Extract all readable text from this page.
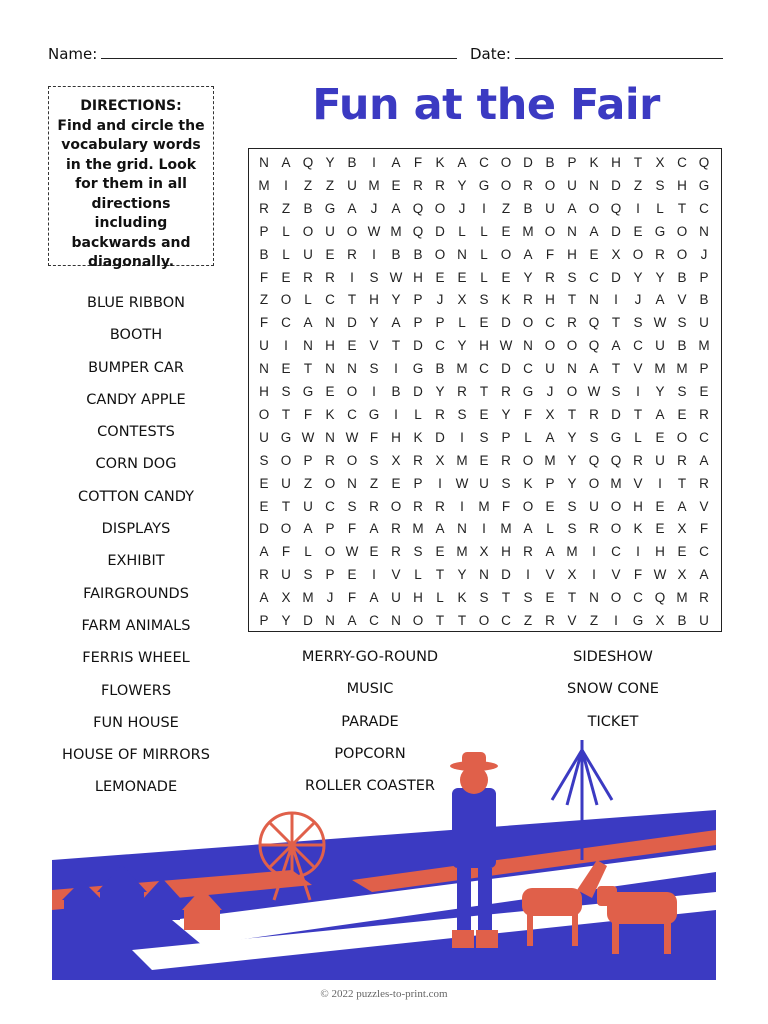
Name:	Date:
DIRECTIONS:
Find and circle the vocabulary words in the grid. Look for them in all directions including backwards and diagonally.
Fun at the Fair
N A Q Y B	I	A F K A C O D B P K H T X C Q
M	I	Z	Z U M E R R Y G O R O U N D Z S H G
R Z B G A	J	A Q O J	I	Z B U A O Q	I	L	T C
P	L O U O W M Q D L	L	E M O N A D E G O N
B	L U E R	I	B B O N L O A F H E X O R O J
F E R R	I	S W H E E	L	E Y R S C D Y Y B P
Z O L C T H Y P	J	X S K R H T N	I	J	A V B
F C A N D Y A P P	L	E D O C R Q T S W S U
U	I	N H E V T D C Y H W N O O Q A C U B M
N E T N N S	I	G B M C D C U N A T V M M P
H S G E O	I	B D Y R T R G J O W S	I	Y S E
O T	F K C G	I	L R S E Y F X T R D T A E R
U G W N W F H K D	I	S P	L	A Y S G L	E O C
S O P R O S X R X M E R O M Y Q Q R U R A
E U Z O N Z E P	I	W U S K P Y O M V	I	T R
E T U C S R O R R	I	M F O E S U O H E A V
D O A P F A R M A N	I	M A	L	S R O K E X F
A F	L O W E R S E M X H R A M	I	C	I	H E C
R U S P E	I	V	L	T Y N D	I	V X	I	V F W X A
A X M J	F A U H L	K S T S E T N O C Q M R
P Y D N A C N O T	T O C Z R V Z	I	G X B U
BLUE RIBBON
BOOTH
BUMPER CAR
CANDY APPLE
CONTESTS
CORN DOG
COTTON CANDY
DISPLAYS
EXHIBIT
FAIRGROUNDS
FARM ANIMALS
FERRIS WHEEL
FLOWERS
FUN HOUSE
HOUSE OF MIRRORS
LEMONADE
MERRY-GO-ROUND
MUSIC
PARADE
POPCORN
ROLLER COASTER
SIDESHOW
SNOW CONE
TICKET
© 2022 puzzles-to-print.com
